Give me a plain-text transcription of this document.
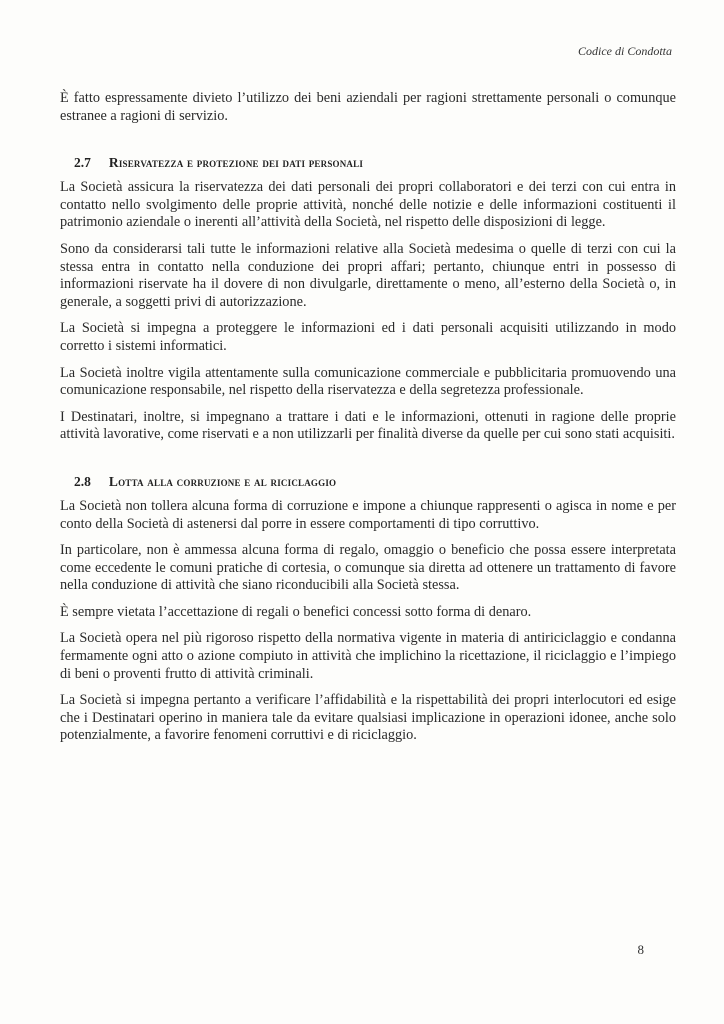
Codice di Condotta

È fatto espressamente divieto l’utilizzo dei beni aziendali per ragioni strettamente personali o comunque estranee a ragioni di servizio.

2.7 Riservatezza e protezione dei dati personali

La Società assicura la riservatezza dei dati personali dei propri collaboratori e dei terzi con cui entra in contatto nello svolgimento delle proprie attività, nonché delle notizie e delle informazioni costituenti il patrimonio aziendale o inerenti all’attività della Società, nel rispetto delle disposizioni di legge.

Sono da considerarsi tali tutte le informazioni relative alla Società medesima o quelle di terzi con cui la stessa entra in contatto nella conduzione dei propri affari; pertanto, chiunque entri in possesso di informazioni riservate ha il dovere di non divulgarle, direttamente o meno, all’esterno della Società o, in generale, a soggetti privi di autorizzazione.

La Società si impegna a proteggere le informazioni ed i dati personali acquisiti utilizzando in modo corretto i sistemi informatici.

La Società inoltre vigila attentamente sulla comunicazione commerciale e pubblicitaria promuovendo una comunicazione responsabile, nel rispetto della riservatezza e della segretezza professionale.

I Destinatari, inoltre, si impegnano a trattare i dati e le informazioni, ottenuti in ragione delle proprie attività lavorative, come riservati e a non utilizzarli per finalità diverse da quelle per cui sono stati acquisiti.

2.8 Lotta alla corruzione e al riciclaggio

La Società non tollera alcuna forma di corruzione e impone a chiunque rappresenti o agisca in nome e per conto della Società di astenersi dal porre in essere comportamenti di tipo corruttivo.

In particolare, non è ammessa alcuna forma di regalo, omaggio o beneficio che possa essere interpretata come eccedente le comuni pratiche di cortesia, o comunque sia diretta ad ottenere un trattamento di favore nella conduzione di attività che siano riconducibili alla Società stessa.

È sempre vietata l’accettazione di regali o benefici concessi sotto forma di denaro.

La Società opera nel più rigoroso rispetto della normativa vigente in materia di antiriciclaggio e condanna fermamente ogni atto o azione compiuto in attività che implichino la ricettazione, il riciclaggio e l’impiego di beni o proventi frutto di attività criminali.

La Società si impegna pertanto a verificare l’affidabilità e la rispettabilità dei propri interlocutori ed esige che i Destinatari operino in maniera tale da evitare qualsiasi implicazione in operazioni idonee, anche solo potenzialmente, a favorire fenomeni corruttivi e di riciclaggio.

8
